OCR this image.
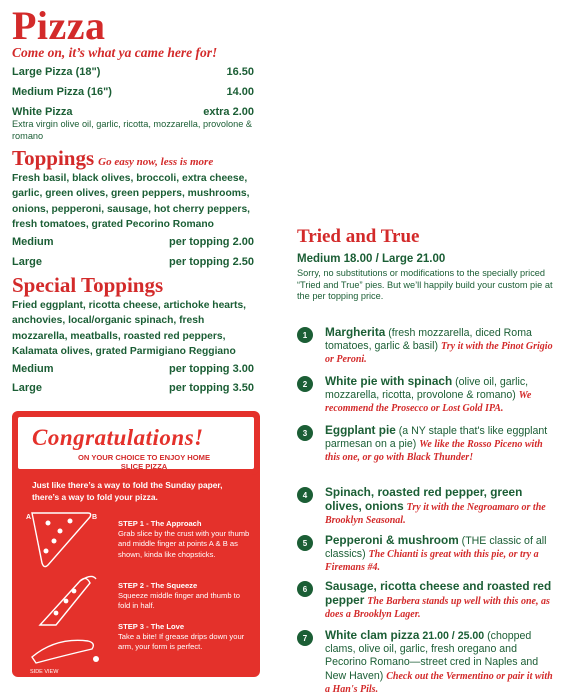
Pizza
Come on, it’s what ya came here for!
Large Pizza (18")	16.50
Medium Pizza (16")	14.00
White Pizza	extra 2.00
Extra virgin olive oil, garlic, ricotta, mozzarella, provolone & romano
Toppings Go easy now, less is more
Fresh basil, black olives, broccoli, extra cheese, garlic, green olives, green peppers, mushrooms, onions, pepperoni, sausage, hot cherry peppers, fresh tomatoes, grated Pecorino Romano
Medium	per topping 2.00
Large	per topping 2.50
Special Toppings
Fried eggplant, ricotta cheese, artichoke hearts, anchovies, local/organic spinach, fresh mozzarella, meatballs, roasted red peppers, Kalamata olives, grated Parmigiano Reggiano
Medium	per topping 3.00
Large	per topping 3.50
Congratulations!
ON YOUR CHOICE TO ENJOY HOME SLICE PIZZA
Just like there’s a way to fold the Sunday paper, there’s a way to fold your pizza.
A	B
SIDE VIEW
STEP 1 - The Approach
Grab slice by the crust with your thumb and middle finger at points A & B as shown, kinda like chopsticks.
STEP 2 - The Squeeze
Squeeze middle finger and thumb to fold in half.
STEP 3 - The Love
Take a bite! If grease drips down your arm, your form is perfect.
Tried and True
Medium 18.00 / Large 21.00
Sorry, no substitutions or modifications to the specially priced “Tried and True” pies. But we’ll happily build your custom pie at the per topping price.
1	Margherita (fresh mozzarella, diced Roma tomatoes, garlic & basil) Try it with the Pinot Grigio or Peroni.
2	White pie with spinach (olive oil, garlic, mozzarella, ricotta, provolone & romano) We recommend the Prosecco or Lost Gold IPA.
3	Eggplant pie (a NY staple that's like eggplant parmesan on a pie) We like the Rosso Piceno with this one, or go with Black Thunder!
4	Spinach, roasted red pepper, green olives, onions Try it with the Negroamaro or the Brooklyn Seasonal.
5	Pepperoni & mushroom (THE classic of all classics) The Chianti is great with this pie, or try a Firemans #4.
6	Sausage, ricotta cheese and roasted red pepper The Barbera stands up well with this one, as does a Brooklyn Lager.
7	White clam pizza 21.00 / 25.00 (chopped clams, olive oil, garlic, fresh oregano and Pecorino Romano—street cred in Naples and New Haven) Check out the Vermentino or pair it with a Han's Pils.
